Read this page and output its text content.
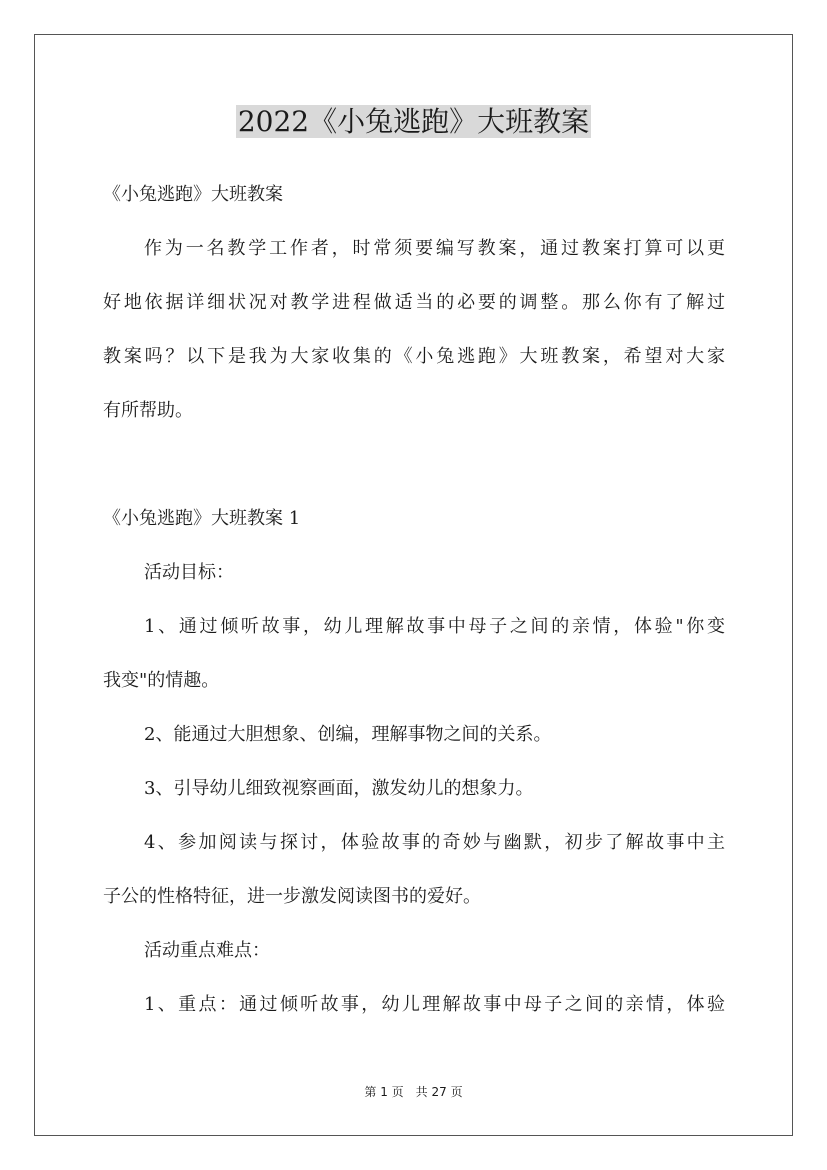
2022《小兔逃跑》大班教案
《小兔逃跑》大班教案
作为一名教学工作者，时常须要编写教案，通过教案打算可以更
好地依据详细状况对教学进程做适当的必要的调整。那么你有了解过
教案吗？以下是我为大家收集的《小兔逃跑》大班教案，希望对大家
有所帮助。
《小兔逃跑》大班教案 1
活动目标：
1、通过倾听故事，幼儿理解故事中母子之间的亲情，体验"你变
我变"的情趣。
2、能通过大胆想象、创编，理解事物之间的关系。
3、引导幼儿细致视察画面，激发幼儿的想象力。
4、参加阅读与探讨，体验故事的奇妙与幽默，初步了解故事中主
子公的性格特征，进一步激发阅读图书的爱好。
活动重点难点：
1、重点：通过倾听故事，幼儿理解故事中母子之间的亲情，体验
第 1 页　共 27 页
